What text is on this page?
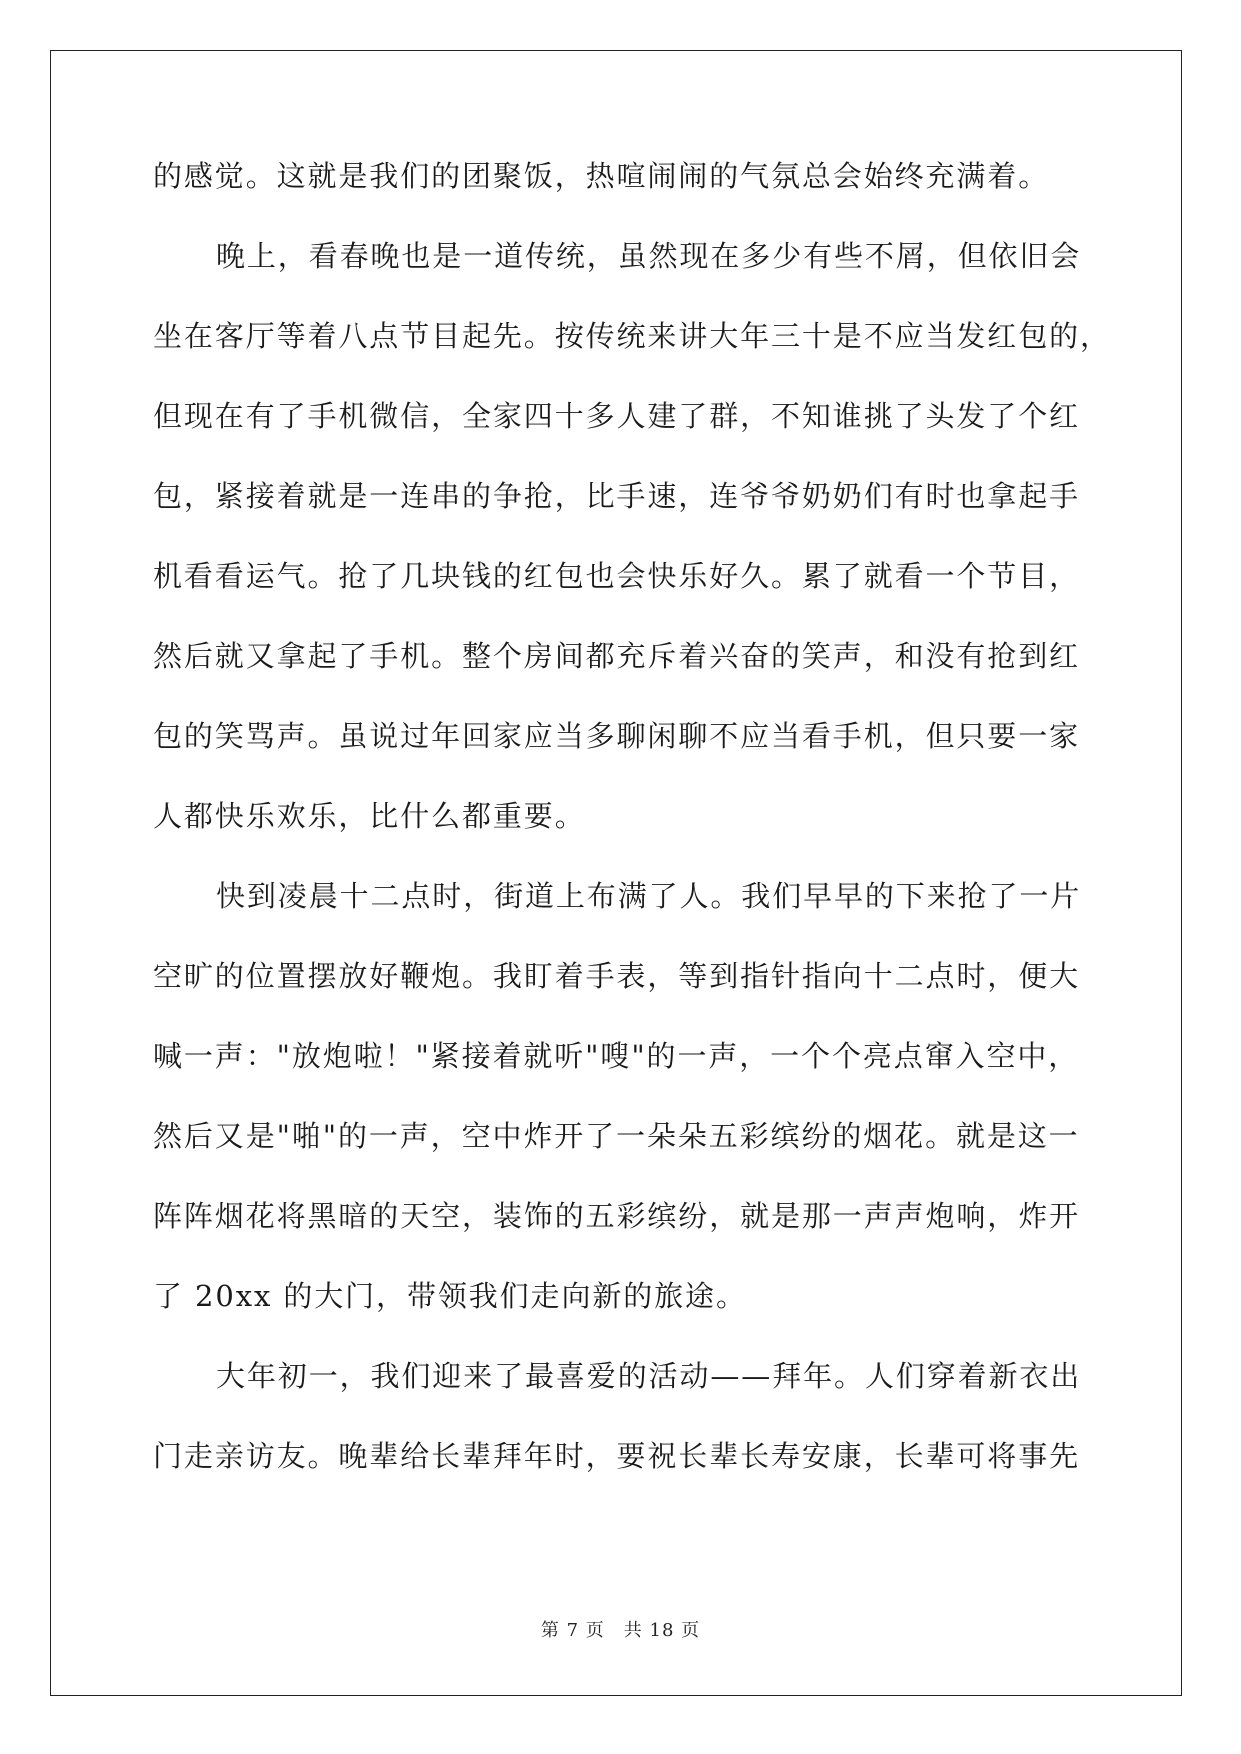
的感觉。这就是我们的团聚饭，热喧闹闹的气氛总会始终充满着。
晚上，看春晚也是一道传统，虽然现在多少有些不屑，但依旧会
坐在客厅等着八点节目起先。按传统来讲大年三十是不应当发红包的，
但现在有了手机微信，全家四十多人建了群，不知谁挑了头发了个红
包，紧接着就是一连串的争抢，比手速，连爷爷奶奶们有时也拿起手
机看看运气。抢了几块钱的红包也会快乐好久。累了就看一个节目，
然后就又拿起了手机。整个房间都充斥着兴奋的笑声，和没有抢到红
包的笑骂声。虽说过年回家应当多聊闲聊不应当看手机，但只要一家
人都快乐欢乐，比什么都重要。
快到凌晨十二点时，街道上布满了人。我们早早的下来抢了一片
空旷的位置摆放好鞭炮。我盯着手表，等到指针指向十二点时，便大
喊一声："放炮啦！"紧接着就听"嗖"的一声，一个个亮点窜入空中，
然后又是"啪"的一声，空中炸开了一朵朵五彩缤纷的烟花。就是这一
阵阵烟花将黑暗的天空，装饰的五彩缤纷，就是那一声声炮响，炸开
了 20xx 的大门，带领我们走向新的旅途。
大年初一，我们迎来了最喜爱的活动——拜年。人们穿着新衣出
门走亲访友。晚辈给长辈拜年时，要祝长辈长寿安康，长辈可将事先
第 7 页　共 18 页
